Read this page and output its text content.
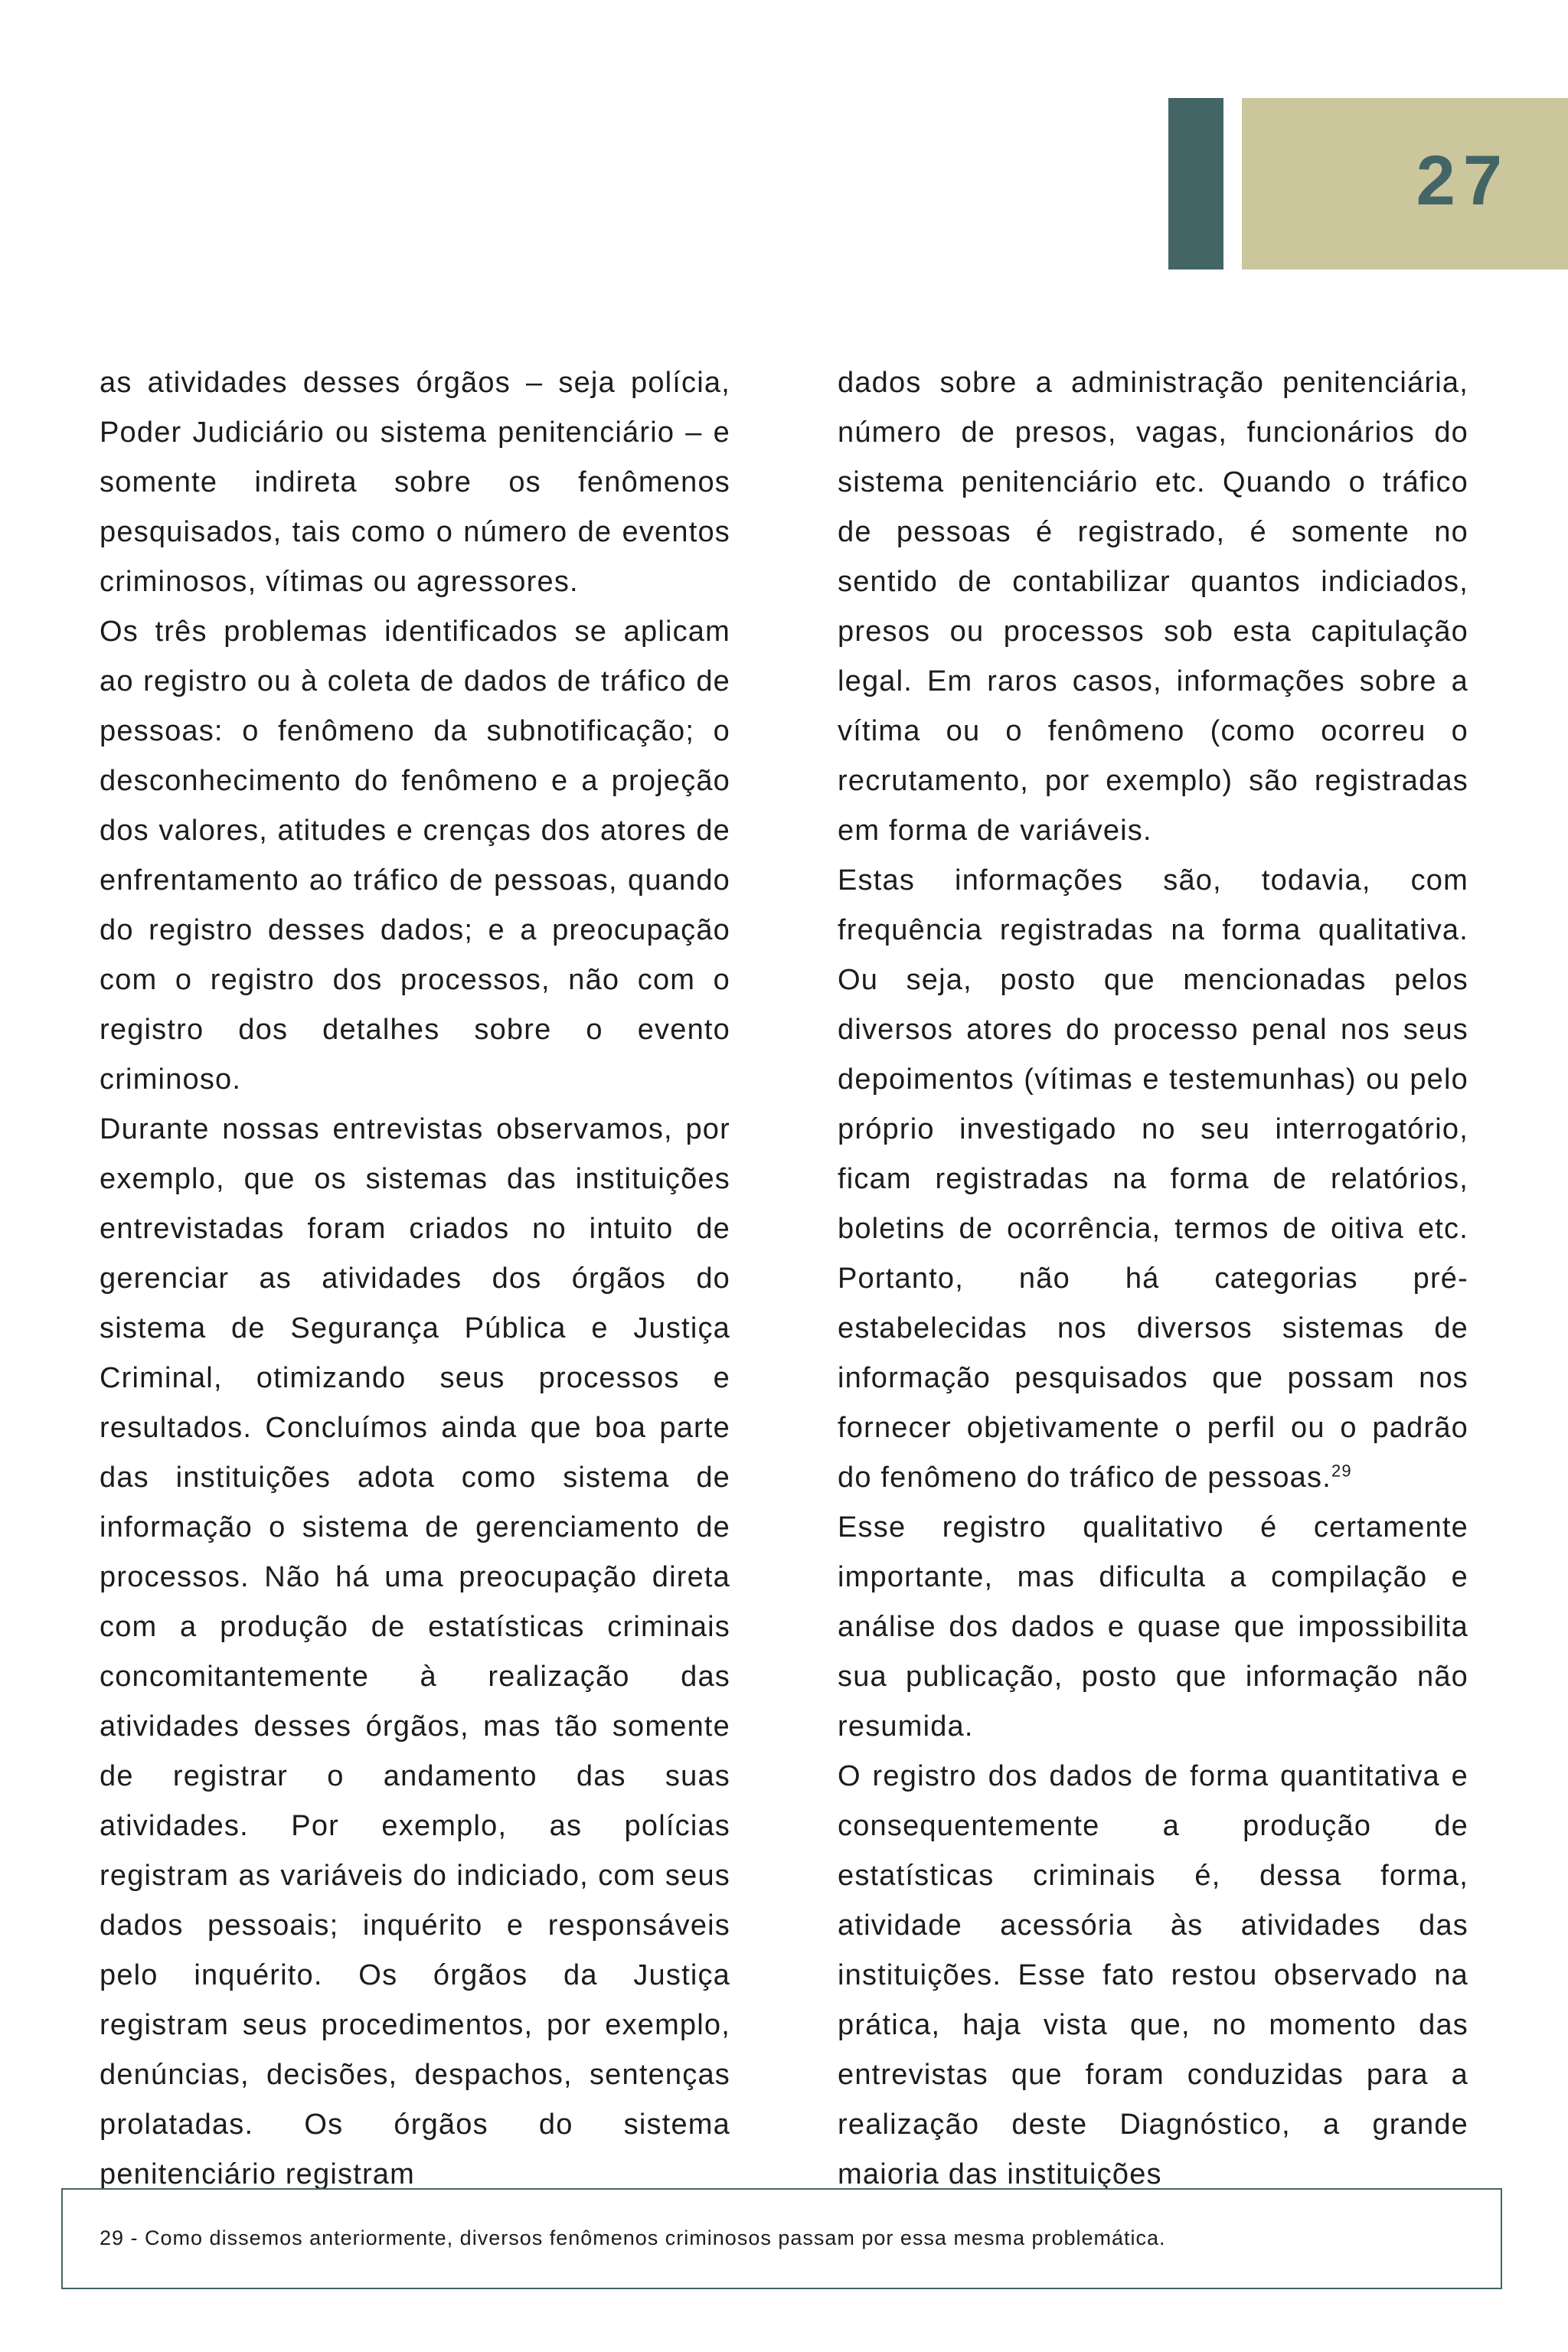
27

as atividades desses órgãos – seja polícia, Poder Judiciário ou sistema penitenciário – e somente indireta sobre os fenômenos pesquisados, tais como o número de eventos criminosos, vítimas ou agressores.

Os três problemas identificados se aplicam ao registro ou à coleta de dados de tráfico de pessoas: o fenômeno da subnotificação; o desconhecimento do fenômeno e a projeção dos valores, atitudes e crenças dos atores de enfrentamento ao tráfico de pessoas, quando do registro desses dados; e a preocupação com o registro dos processos, não com o registro dos detalhes sobre o evento criminoso.

Durante nossas entrevistas observamos, por exemplo, que os sistemas das instituições entrevistadas foram criados no intuito de gerenciar as atividades dos órgãos do sistema de Segurança Pública e Justiça Criminal, otimizando seus processos e resultados. Concluímos ainda que boa parte das instituições adota como sistema de informação o sistema de gerenciamento de processos. Não há uma preocupação direta com a produção de estatísticas criminais concomitantemente à realização das atividades desses órgãos, mas tão somente de registrar o andamento das suas atividades. Por exemplo, as polícias registram as variáveis do indiciado, com seus dados pessoais; inquérito e responsáveis pelo inquérito. Os órgãos da Justiça registram seus procedimentos, por exemplo, denúncias, decisões, despachos, sentenças prolatadas. Os órgãos do sistema penitenciário registram

dados sobre a administração penitenciária, número de presos, vagas, funcionários do sistema penitenciário etc. Quando o tráfico de pessoas é registrado, é somente no sentido de contabilizar quantos indiciados, presos ou processos sob esta capitulação legal. Em raros casos, informações sobre a vítima ou o fenômeno (como ocorreu o recrutamento, por exemplo) são registradas em forma de variáveis.

Estas informações são, todavia, com frequência registradas na forma qualitativa. Ou seja, posto que mencionadas pelos diversos atores do processo penal nos seus depoimentos (vítimas e testemunhas) ou pelo próprio investigado no seu interrogatório, ficam registradas na forma de relatórios, boletins de ocorrência, termos de oitiva etc. Portanto, não há categorias pré-estabelecidas nos diversos sistemas de informação pesquisados que possam nos fornecer objetivamente o perfil ou o padrão do fenômeno do tráfico de pessoas.$^{29}$

Esse registro qualitativo é certamente importante, mas dificulta a compilação e análise dos dados e quase que impossibilita sua publicação, posto que informação não resumida.

O registro dos dados de forma quantitativa e consequentemente a produção de estatísticas criminais é, dessa forma, atividade acessória às atividades das instituições. Esse fato restou observado na prática, haja vista que, no momento das entrevistas que foram conduzidas para a realização deste Diagnóstico, a grande maioria das instituições

29 - Como dissemos anteriormente, diversos fenômenos criminosos passam por essa mesma problemática.
